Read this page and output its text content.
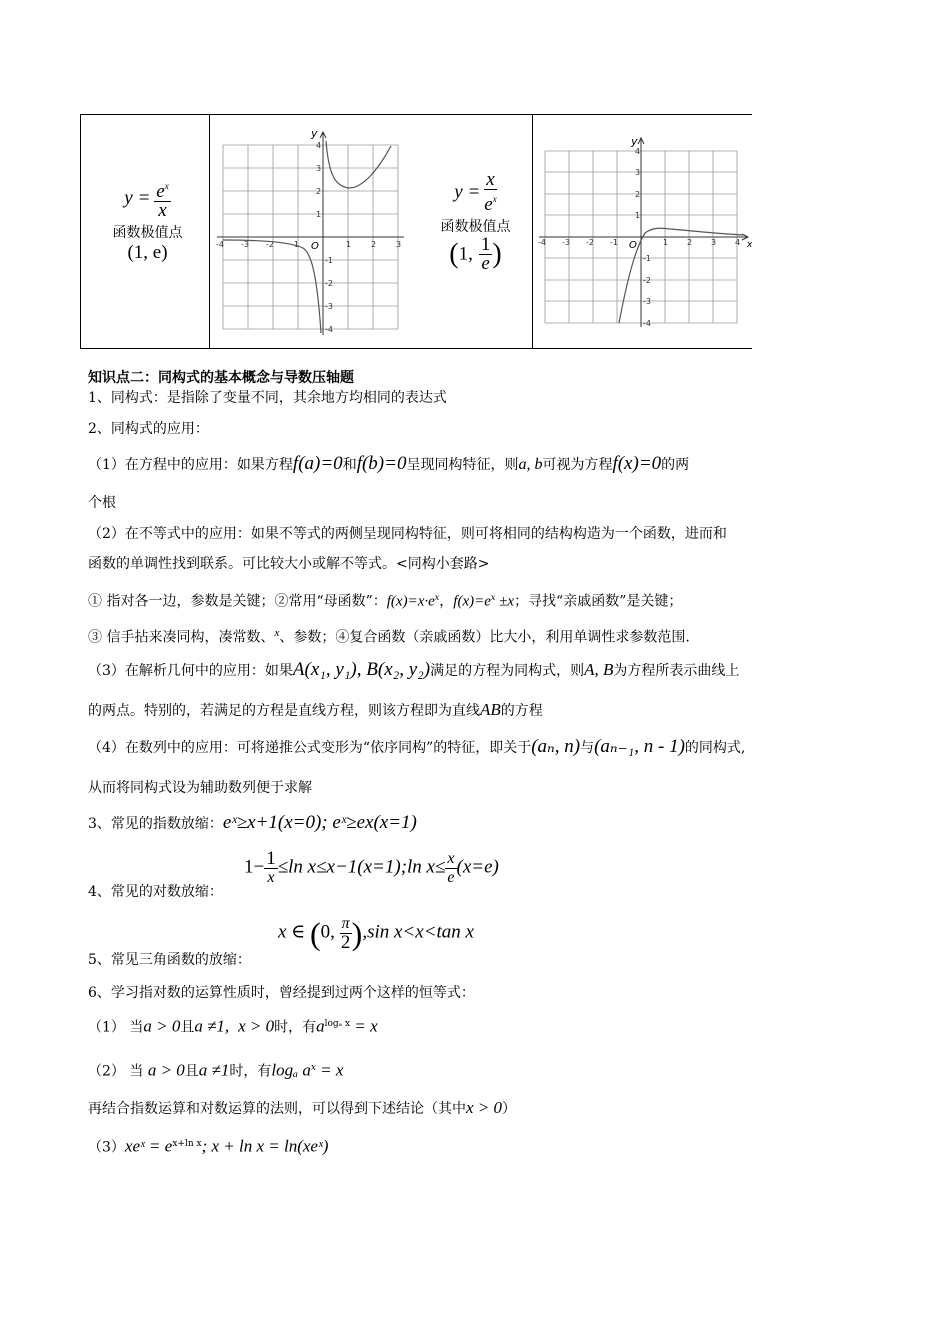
$y = \frac{e^x}{x}$
函数极值点
(1, e)
$y = \frac{x}{e^x}$
函数极值点
(1, $\frac{1}{e}$ )
y
O
-4 -3 -2 -1	1 2 3
4
3
2
1
-1
-2
-3
-4
y
x
O
-4 -3 -2 -1	1 2 3 4
4
3
2
1
-1
-2
-3
-4
知识点二：同构式的基本概念与导数压轴题
1、同构式：是指除了变量不同，其余地方均相同的表达式
2、同构式的应用：
（1）在方程中的应用：如果方程f(a)=0和f(b)=0呈现同构特征，则a, b可视为方程f(x)=0的两
个根
（2）在不等式中的应用：如果不等式的两侧呈现同构特征，则可将相同的结构构造为一个函数，进而和
函数的单调性找到联系。可比较大小或解不等式。<同构小套路>
① 指对各一边，参数是关键；②常用“母函数”：$f(x)=x\cdot e^x$，$f(x)=e^x \pm x$；寻找“亲戚函数”是关键；
③ 信手拈来凑同构，凑常数、$^x$、参数；④复合函数（亲戚函数）比大小，利用单调性求参数范围.
（3）在解析几何中的应用：如果A(x₁, y₁), B(x₂, y₂)满足的方程为同构式，则A, B为方程所表示曲线上
的两点。特别的，若满足的方程是直线方程，则该方程即为直线AB的方程
（4）在数列中的应用：可将递推公式变形为“依序同构”的特征，即关于(aₙ, n)与(aₙ₋₁, n - 1)的同构式,
从而将同构式设为辅助数列便于求解
3、常见的指数放缩：eˣ≥x+1(x=0); eˣ≥ex(x=1)
4、常见的对数放缩：
$1- \frac{1}{x} \le\ln$ x≤x−1(x=1);ln $x\le \frac{x}{e} (x=e)$
5、常见三角函数的放缩：
x ∈ (0, $\frac{\pi}{2} ),\sin$ x<x<tan x
6、学习指对数的运算性质时，曾经提到过两个这样的恒等式：
（1） 当a > 0且a ≠1, x > 0时，有$a^{log_a x} = x$
（2） 当 a > 0且a ≠1时，有logₐ $a^x = x$
再结合指数运算和对数运算的法则，可以得到下述结论（其中x > 0）
（3）xeˣ = $e^{x+ln x}$; x + ln x = ln(xeˣ)
